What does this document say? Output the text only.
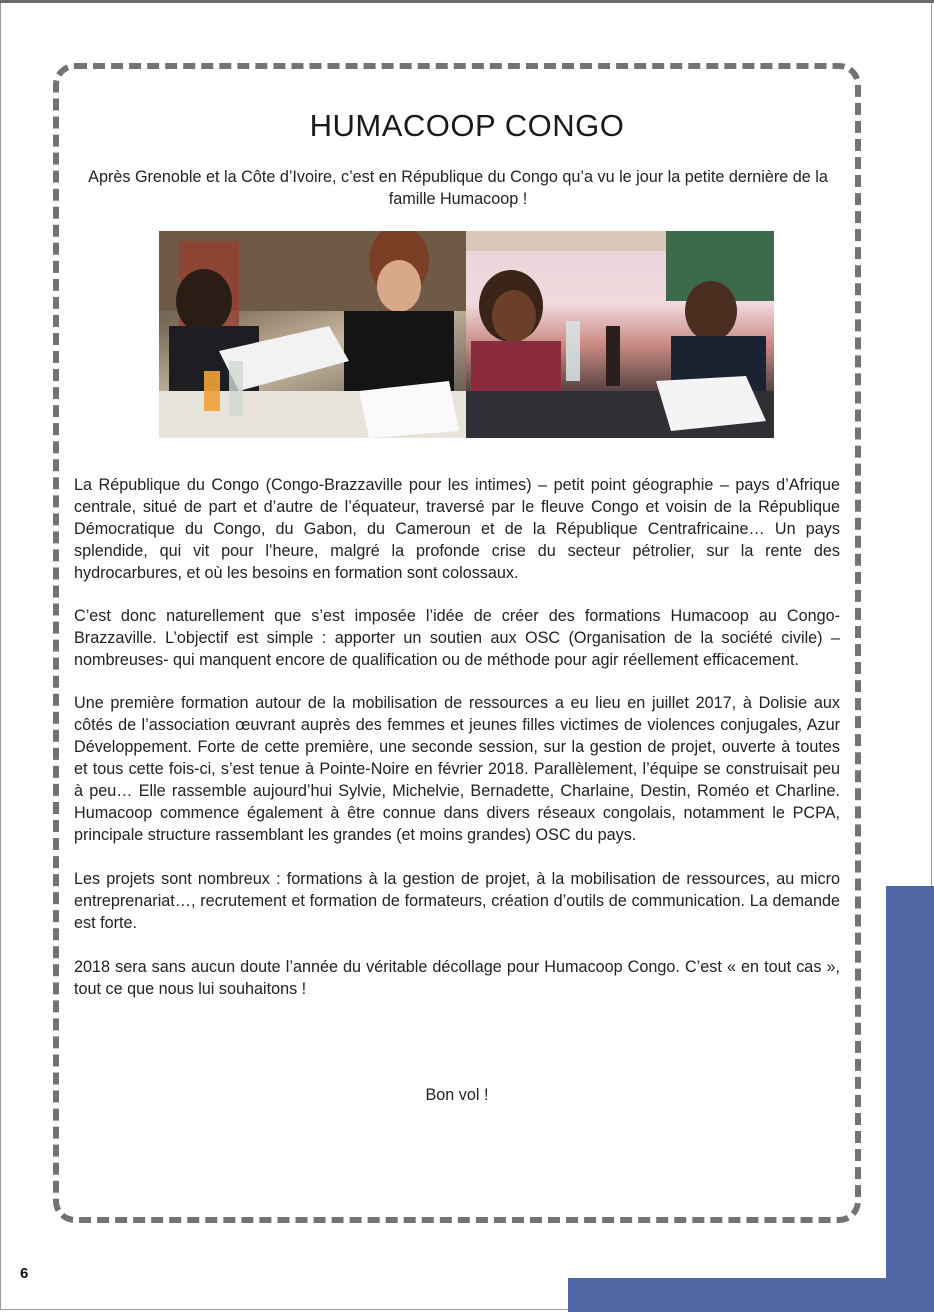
HUMACOOP CONGO
Après Grenoble et la Côte d’Ivoire, c’est en République du Congo qu’a vu le jour la petite dernière de la famille Humacoop !

La République du Congo (Congo-Brazzaville pour les intimes) – petit point géographie – pays d’Afrique centrale, situé de part et d’autre de l’équateur, traversé par le fleuve Congo et voisin de la République Démocratique du Congo, du Gabon, du Cameroun et de la République Centrafricaine… Un pays splendide, qui vit pour l’heure, malgré la profonde crise du secteur pétrolier, sur la rente des hydrocarbures, et où les besoins en formation sont colossaux.

C’est donc naturellement que s’est imposée l’idée de créer des formations Humacoop au Congo-Brazzaville. L’objectif est simple : apporter un soutien aux OSC (Organisation de la société civile) – nombreuses- qui manquent encore de qualification ou de méthode pour agir réellement efficacement.

Une première formation autour de la mobilisation de ressources a eu lieu en juillet 2017, à Dolisie aux côtés de l’association œuvrant auprès des femmes et jeunes filles victimes de violences conjugales, Azur Développement. Forte de cette première, une seconde session, sur la gestion de projet, ouverte à toutes et tous cette fois-ci, s’est tenue à Pointe-Noire en février 2018. Parallèlement, l’équipe se construisait peu à peu… Elle rassemble aujourd’hui Sylvie, Michelvie, Bernadette, Charlaine, Destin, Roméo et Charline. Humacoop commence également à être connue dans divers réseaux congolais, notamment le PCPA, principale structure rassemblant les grandes (et moins grandes) OSC du pays.

Les projets sont nombreux : formations à la gestion de projet, à la mobilisation de ressources, au micro entreprenariat…, recrutement et formation de formateurs, création d’outils de communication. La demande est forte.

2018 sera sans aucun doute l’année du véritable décollage pour Humacoop Congo. C’est « en tout cas », tout ce que nous lui souhaitons !

Bon vol !
6
